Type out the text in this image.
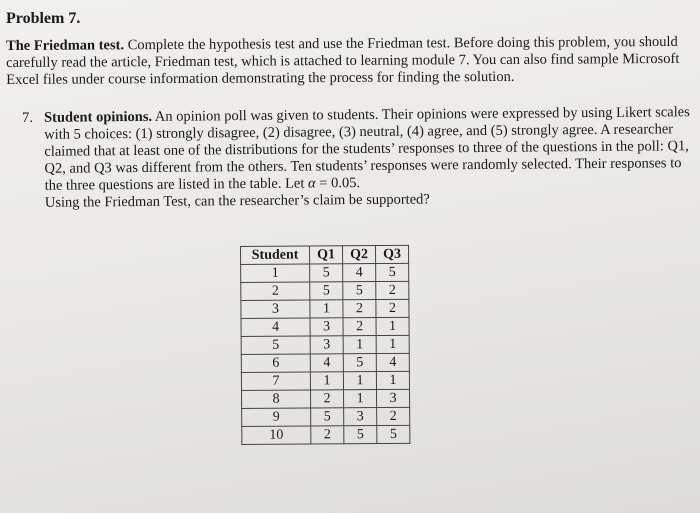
Problem 7.
The Friedman test. Complete the hypothesis test and use the Friedman test. Before doing this problem, you should carefully read the article, Friedman test, which is attached to learning module 7. You can also find sample Microsoft Excel files under course information demonstrating the process for finding the solution.
7. Student opinions. An opinion poll was given to students. Their opinions were expressed by using Likert scales with 5 choices: (1) strongly disagree, (2) disagree, (3) neutral, (4) agree, and (5) strongly agree. A researcher claimed that at least one of the distributions for the students’ responses to three of the questions in the poll: Q1, Q2, and Q3 was different from the others. Ten students’ responses were randomly selected. Their responses to the three questions are listed in the table. Let α = 0.05.
Using the Friedman Test, can the researcher’s claim be supported?
Student	Q1	Q2	Q3
1	5	4	5
2	5	5	2
3	1	2	2
4	3	2	1
5	3	1	1
6	4	5	4
7	1	1	1
8	2	1	3
9	5	3	2
10	2	5	5
